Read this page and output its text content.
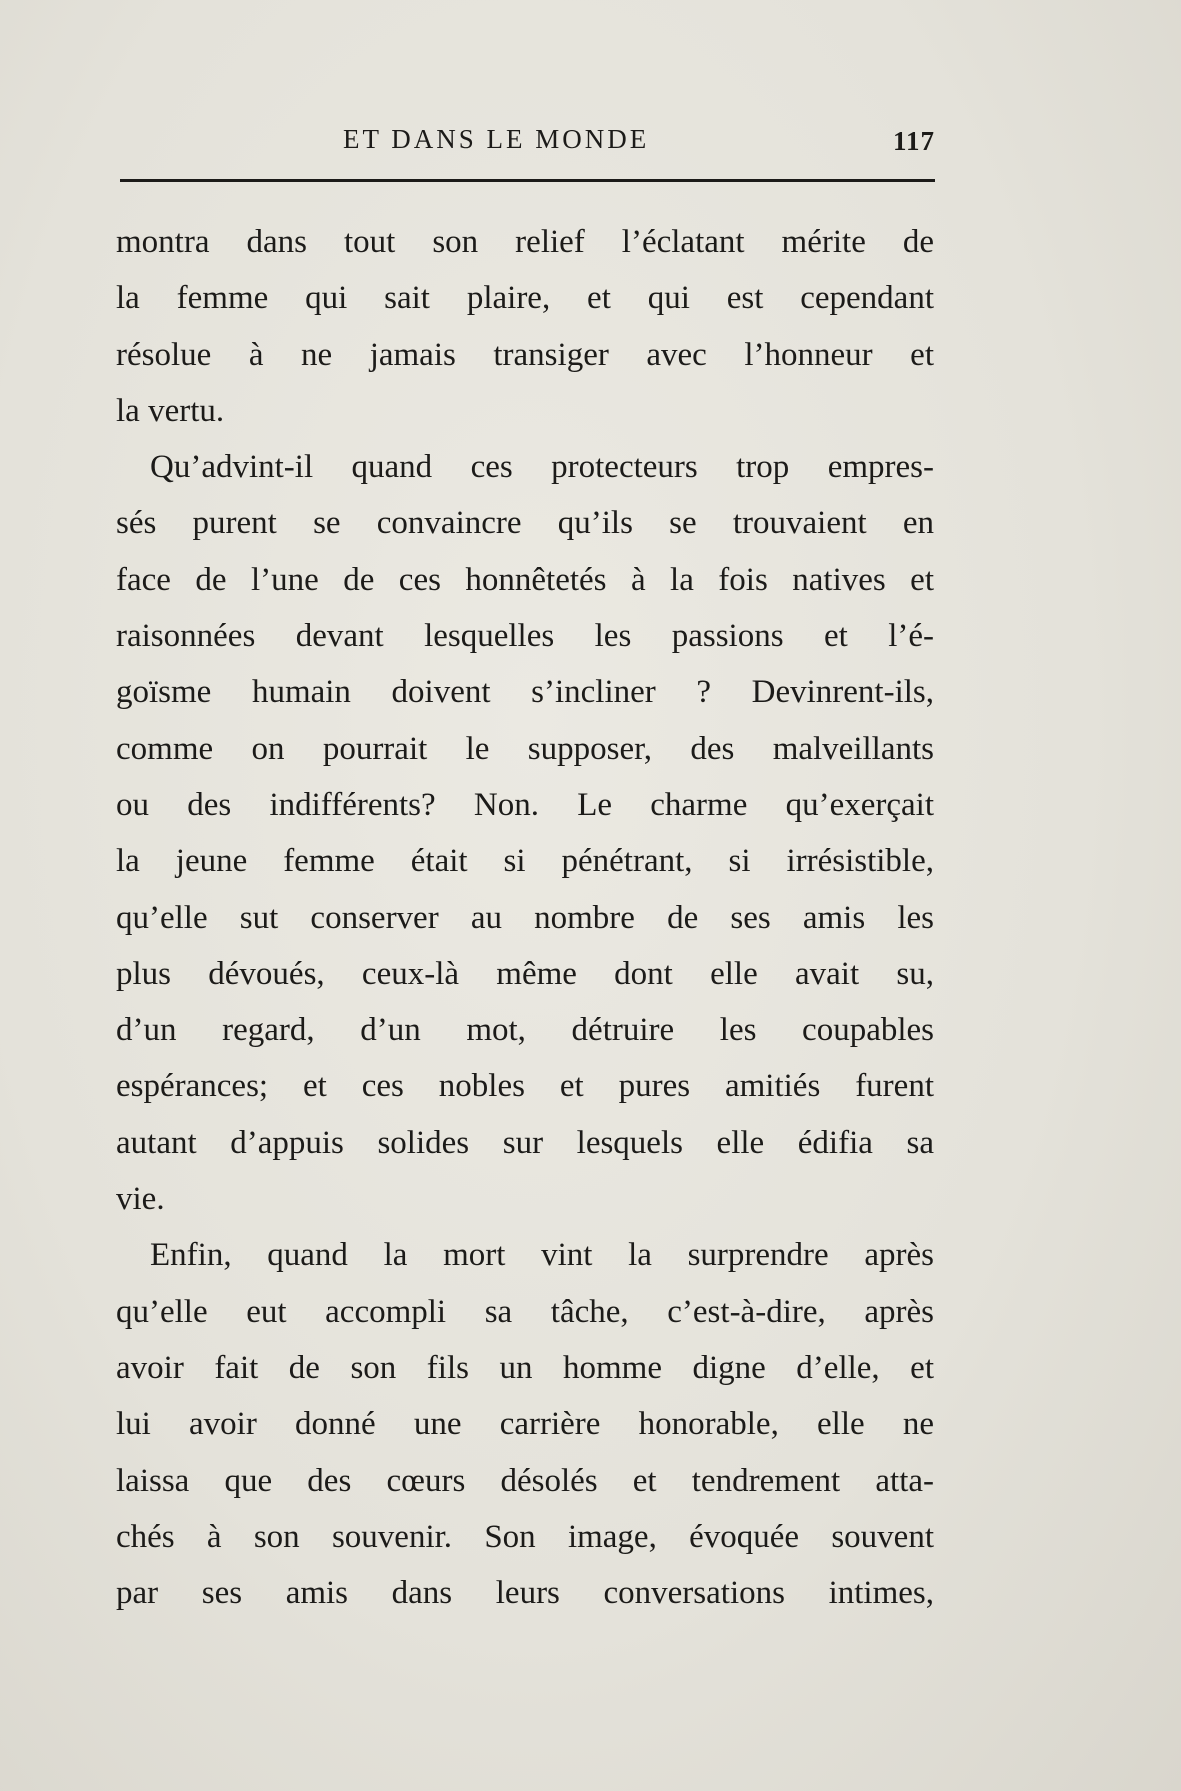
ET DANS LE MONDE	117
montra dans tout son relief l’éclatant mérite de
la femme qui sait plaire, et qui est cependant
résolue à ne jamais transiger avec l’honneur et
la vertu.
Qu’advint-il quand ces protecteurs trop empres-
sés purent se convaincre qu’ils se trouvaient en
face de l’une de ces honnêtetés à la fois natives et
raisonnées devant lesquelles les passions et l’é-
goïsme humain doivent s’incliner ? Devinrent-ils,
comme on pourrait le supposer, des malveillants
ou des indifférents? Non. Le charme qu’exerçait
la jeune femme était si pénétrant, si irrésistible,
qu’elle sut conserver au nombre de ses amis les
plus dévoués, ceux-là même dont elle avait su,
d’un regard, d’un mot, détruire les coupables
espérances; et ces nobles et pures amitiés furent
autant d’appuis solides sur lesquels elle édifia sa
vie.
Enfin, quand la mort vint la surprendre après
qu’elle eut accompli sa tâche, c’est-à-dire, après
avoir fait de son fils un homme digne d’elle, et
lui avoir donné une carrière honorable, elle ne
laissa que des cœurs désolés et tendrement atta-
chés à son souvenir. Son image, évoquée souvent
par ses amis dans leurs conversations intimes,
